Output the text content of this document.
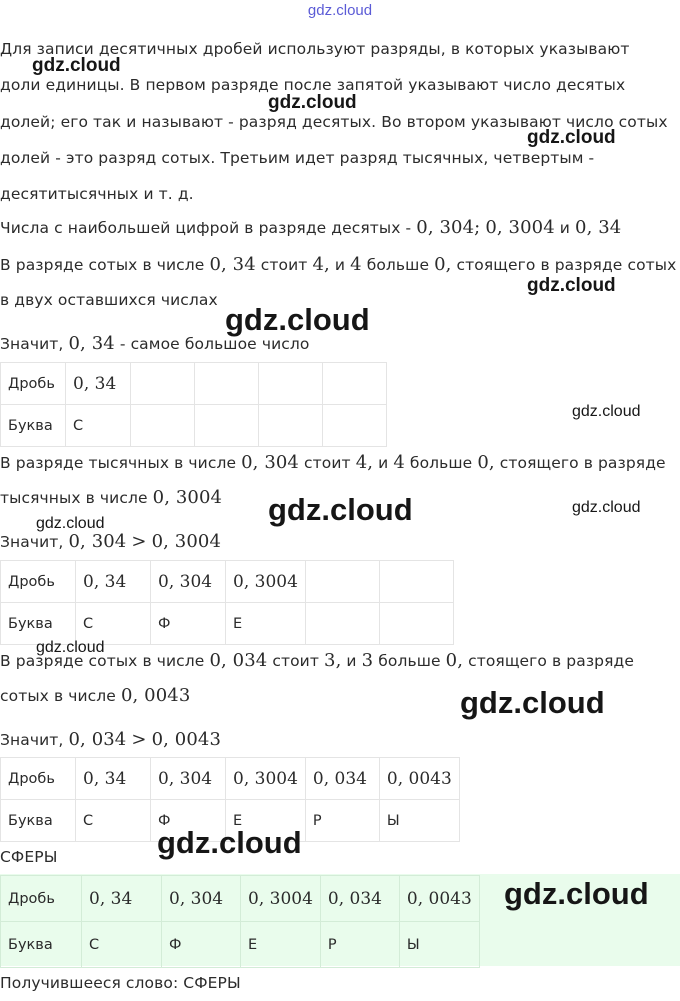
gdz.cloud
Для записи десятичных дробей используют разряды, в которых указывают
доли единицы. В первом разряде после запятой указывают число десятых
долей; его так и называют - разряд десятых. Во втором указывают число сотых
долей - это разряд сотых. Третьим идет разряд тысячных, четвертым -
десятитысячных и т. д.
Числа с наибольшей цифрой в разряде десятых - 0, 304; 0, 3004 и 0, 34
В разряде сотых в числе 0, 34 стоит 4, и 4 больше 0, стоящего в разряде сотых
в двух оставшихся числах
Значит, 0, 34 - самое большое число
Дробь	0, 34				
Буква	С				
В разряде тысячных в числе 0, 304 стоит 4, и 4 больше 0, стоящего в разряде
тысячных в числе 0, 3004
Значит, 0, 304 > 0, 3004
Дробь	0, 34	0, 304	0, 3004		
Буква	С	Ф	Е		
В разряде сотых в числе 0, 034 стоит 3, и 3 больше 0, стоящего в разряде
сотых в числе 0, 0043
Значит, 0, 034 > 0, 0043
Дробь	0, 34	0, 304	0, 3004	0, 034	0, 0043
Буква	С	Ф	Е	Р	Ы
СФЕРЫ
Дробь	0, 34	0, 304	0, 3004	0, 034	0, 0043
Буква	С	Ф	Е	Р	Ы
Получившееся слово: СФЕРЫ
gdz.cloud
gdz.cloud
gdz.cloud
gdz.cloud
gdz.cloud
gdz.cloud
gdz.cloud	gdz.cloud
gdz.cloud
gdz.cloud
gdz.cloud
gdz.cloud
gdz.cloud
